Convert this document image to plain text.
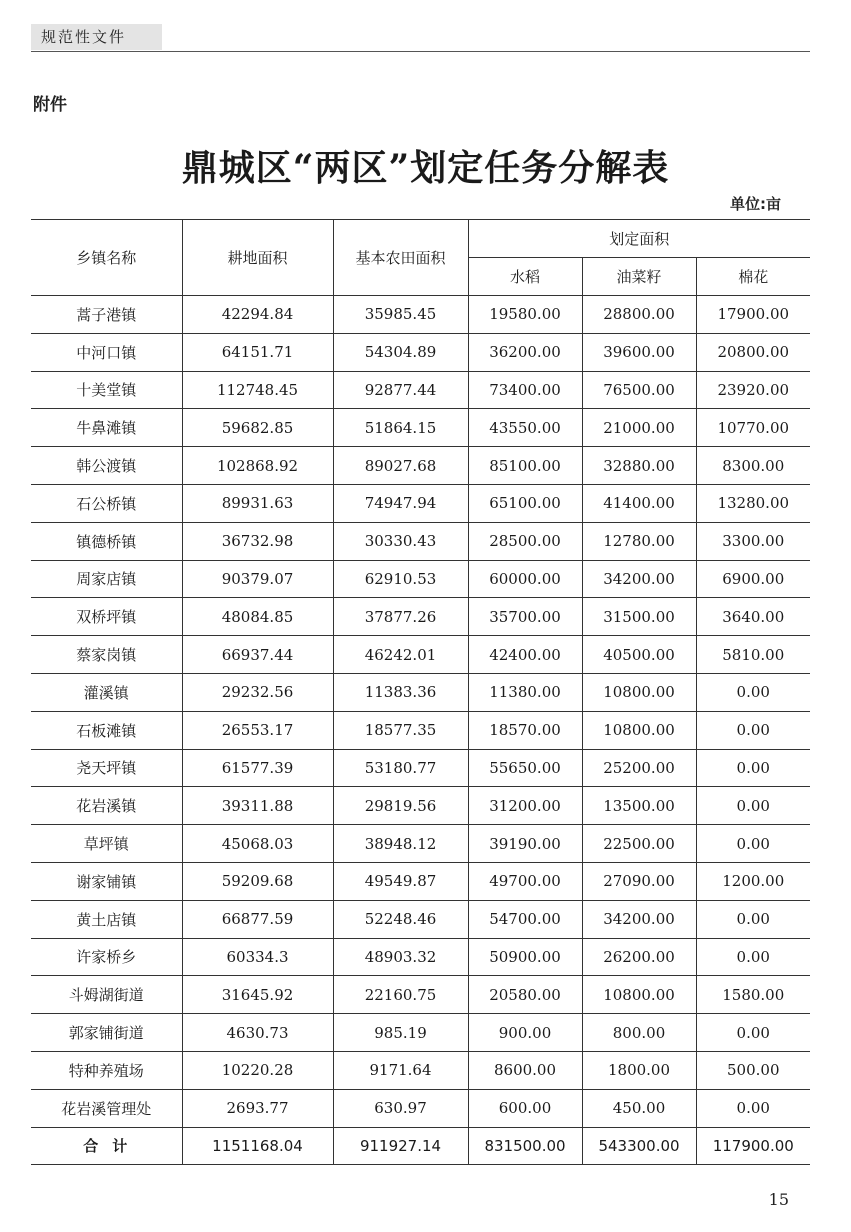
规范性文件
附件
鼎城区“两区”划定任务分解表
单位:亩
乡镇名称	耕地面积	基本农田面积	划定面积		
			水稻	油菜籽	棉花
蒿子港镇	42294.84	35985.45	19580.00	28800.00	17900.00
中河口镇	64151.71	54304.89	36200.00	39600.00	20800.00
十美堂镇	112748.45	92877.44	73400.00	76500.00	23920.00
牛鼻滩镇	59682.85	51864.15	43550.00	21000.00	10770.00
韩公渡镇	102868.92	89027.68	85100.00	32880.00	8300.00
石公桥镇	89931.63	74947.94	65100.00	41400.00	13280.00
镇德桥镇	36732.98	30330.43	28500.00	12780.00	3300.00
周家店镇	90379.07	62910.53	60000.00	34200.00	6900.00
双桥坪镇	48084.85	37877.26	35700.00	31500.00	3640.00
蔡家岗镇	66937.44	46242.01	42400.00	40500.00	5810.00
灌溪镇	29232.56	11383.36	11380.00	10800.00	0.00
石板滩镇	26553.17	18577.35	18570.00	10800.00	0.00
尧天坪镇	61577.39	53180.77	55650.00	25200.00	0.00
花岩溪镇	39311.88	29819.56	31200.00	13500.00	0.00
草坪镇	45068.03	38948.12	39190.00	22500.00	0.00
谢家铺镇	59209.68	49549.87	49700.00	27090.00	1200.00
黄土店镇	66877.59	52248.46	54700.00	34200.00	0.00
许家桥乡	60334.3	48903.32	50900.00	26200.00	0.00
斗姆湖街道	31645.92	22160.75	20580.00	10800.00	1580.00
郭家铺街道	4630.73	985.19	900.00	800.00	0.00
特种养殖场	10220.28	9171.64	8600.00	1800.00	500.00
花岩溪管理处	2693.77	630.97	600.00	450.00	0.00
合计	1151168.04	911927.14	831500.00	543300.00	117900.00
15
